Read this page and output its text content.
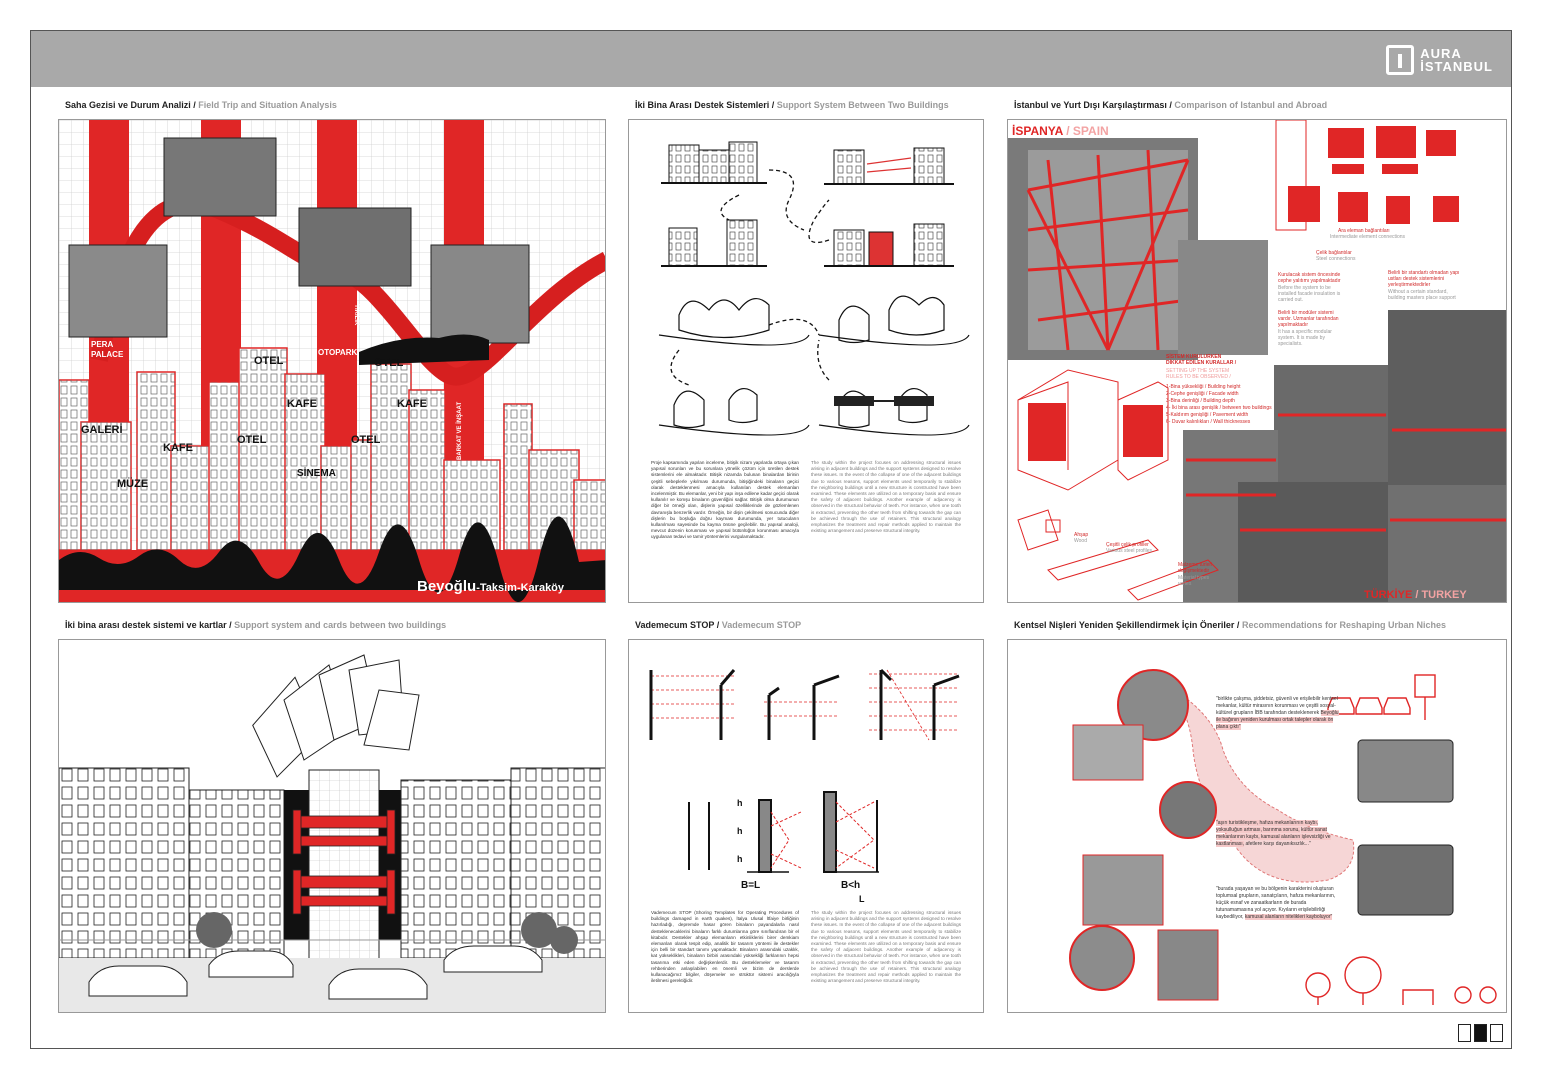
AURA
İSTANBUL
Saha Gezisi ve Durum Analizi / Field Trip and Situation Analysis
PERA
PALACE
OTEL
OTOPARK
OTEL
KAFE	KAFE
GALERİ
OTEL	OTEL
KAFE
SİNEMA
MÜZE
YIKILIK
BARKAT VE İNŞAAT
Beyoğlu-Taksim-Karaköy
İki Bina Arası Destek Sistemleri / Support System Between Two Buildings
Proje kapsamında yapılan inceleme, bitişik nizam yapılarda ortaya çıkan yapısal sorunları ve bu sorunlara yönelik çözüm için üretilen destek sistemlerini ele almaktadır. Bitişik nizamda bulunan binalardan birinin çeşitli sebeplerle yıkılması durumunda, bitişiğindeki binaların geçici olarak desteklenmesi amacıyla kullanılan destek elemanları incelenmiştir. Bu elemanlar, yeni bir yapı inşa edilene kadar geçici olarak kullanılır ve komşu binaların güvenliğini sağlar. Bitişik olma durumunun diğer bir örneği olan, dişlerin yapısal özelliklerinde de gözlemlenen davranışla benzerlik vardır. Örneğin, bir dişin çekilmesi sonucunda diğer dişlerin bu boşluğa doğru kayması durumunda, yer tutucuların kullanılması sayesinde bu kayma önüne geçilebilir. Bu yapısal analoji, mevcut düzenin korunması ve yapısal bütünlüğün korunması amacıyla uygulanan tedavi ve tamir yöntemlerini vurgulamaktadır.
The study within the project focuses on addressing structural issues arising in adjacent buildings and the support systems designed to resolve these issues. In the event of the collapse of one of the adjacent buildings due to various reasons, support elements used temporarily to stabilize the neighboring buildings until a new structure is constructed have been examined. These elements are utilized on a temporary basis and ensure the safety of adjacent buildings. Another example of adjacency is observed in the structural behavior of teeth. For instance, when one tooth is extracted, preventing the other teeth from shifting towards the gap can be achieved through the use of retainers. This structural analogy emphasizes the treatment and repair methods applied to maintain the existing arrangement and preserve structural integrity.
İstanbul ve Yurt Dışı Karşılaştırması / Comparison of Istanbul and Abroad
İSPANYA / SPAIN
Ara eleman bağlantıları
Intermediate element connections
Çelik bağlantılar
Steel connections
Kurulacak sistem öncesinde
cephe yalıtımı yapılmaktadır
Before the system to be
installed facade insulation is
carried out.
Belirli bir standartı olmadan yapı
ustları destek sistemlerini
yerleştirmektedirler
Without a certain standard,
building masters place support
Belirli bir modüler sistemi
vardır. Uzmanlar tarafından
yapılmaktadır
It has a specific modular
system. It is made by
specialists.
SİSTEM KURULURKEN
DİKKAT EDİLEN KURALLAR /
SETTING UP THE SYSTEM
RULES TO BE OBSERVED /
1-Bina yüksekliği / Building height
2-Cephe genişliği / Facade width
3-Bina derinliği / Building depth
4- İki bina arası genişlik / between two buildings
5-Kaldırım genişliği / Pavement width
6- Duvar kalınlıkları / Wall thicknesses
Ahşap
Wood
Çeşitli çelik profiller
Various steel profiles
Malzeme türleri
değişmektedir
Material types
varies
TÜRKİYE / TURKEY
İki bina arası destek sistemi ve kartlar / Support system and cards between two buildings	Vademecum STOP / Vademecum STOP
h
h
h
B=L	B<h
L
Vademecum STOP (Shoring Templates for Operating Procedures of buildings damaged in earth quakes), İtalya Ulusal İtfaiye birliğinin hazırladığı, depremde hasar gören binaların payandalarla nasıl desteklenecaklerini binaların farklı durumlarına göre sınıflandıran bir el kitabıdır. Destekler ahşap elemanların etkinliklerini birer demkiam elemanları olarak tespit edip, analitik bir tasarım yöntemi ile destekler için belli bir standart tanımı yapmaktadır. Binaların arasındaki uzaklık, kat yükseklikleri, binaların birbiri arasındaki yüksekliği farklarının hepsi tasarıma etki eden değişkenlerdir. Bu desteklemeler ve tasarım rehberinden anlaşılabilen en önemli ve bizim de derslerde kullanacağımız bilgiler, döşemeler ve strüktür sistemi aracılığıyla iletilmesi gerektiğidir.
The study within the project focuses on addressing structural issues arising in adjacent buildings and the support systems designed to resolve these issues. In the event of the collapse of one of the adjacent buildings due to various reasons, support elements used temporarily to stabilize the neighboring buildings until a new structure is constructed have been examined. These elements are utilized on a temporary basis and ensure the safety of adjacent buildings. Another example of adjacency is observed in the structural behavior of teeth. For instance, when one tooth is extracted, preventing the other teeth from shifting towards the gap can be achieved through the use of retainers. This structural analogy emphasizes the treatment and repair methods applied to maintain the existing arrangement and preserve structural integrity.
Kentsel Nişleri Yeniden Şekillendirmek İçin Öneriler / Recommendations for Reshaping Urban Niches
"birlikte çalışma, şiddetsiz, güvenli ve erişilebilir kentsel mekanlar, kültür mirasının korunması ve çeşitli sosyal-kültürel grupların İBB tarafından desteklenerek Beyoğlu ile bağının yeniden kurulması ortak talepler olarak ön plana çıktı"
"aşırı turistikleşme, hafıza mekanlarının kaybı, yoksulluğun artması, barınma sorunu, kültür sanat mekanlarının kaybı, kamusal alanların işlevsizliği ve kastlanması, afetlere karşı dayanıksızlık..."
"burada yaşayan ve bu bölgenin karakterini oluşturan toplumsal grupların, sanatçıların, hafıza mekanlarının, küçük esnaf ve zanaatkarların de burada tutunamamasına yol açıyor. Kıyıların erişilebilirliği kaybediliyor, kamusal alanların nitelikleri kayboluyor"
